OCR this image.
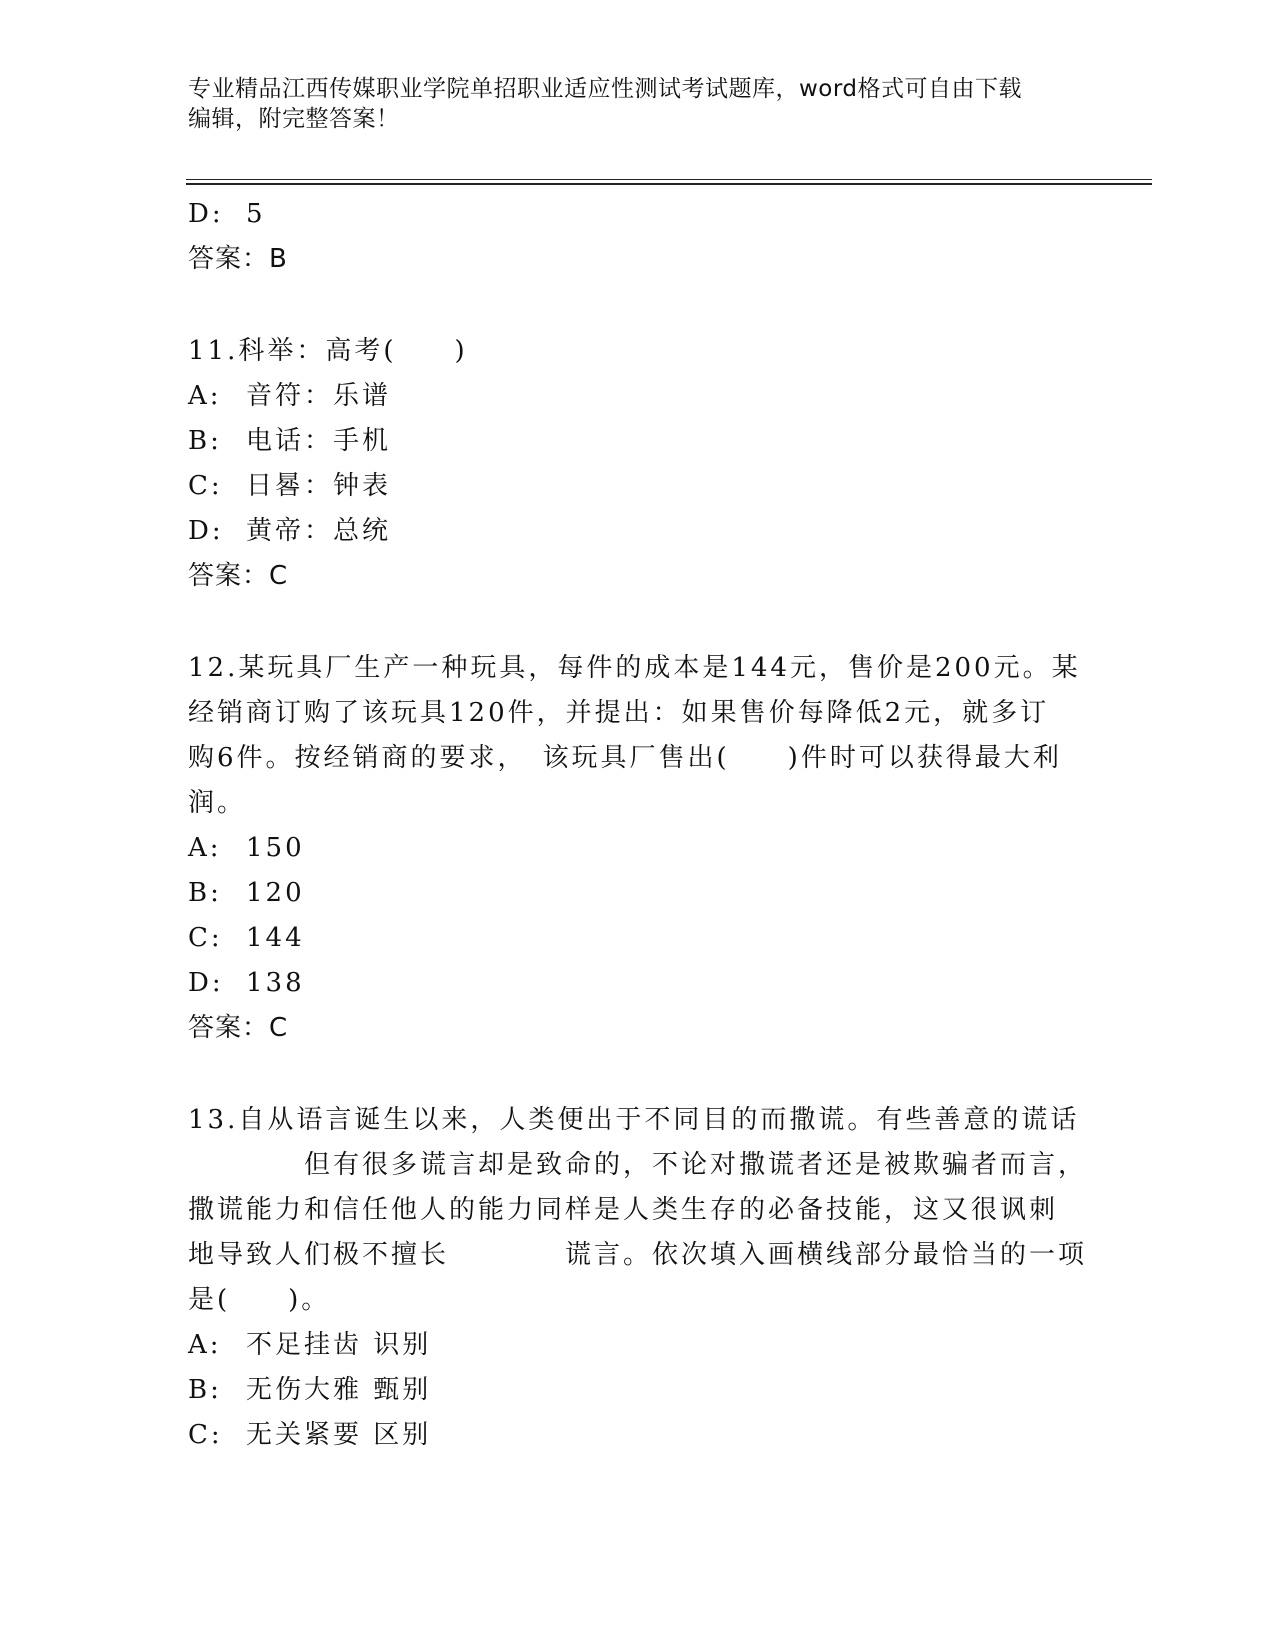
专业精品江西传媒职业学院单招职业适应性测试考试题库，word格式可自由下载
编辑，附完整答案！
D: 5
答案：B
11.科举：高考(　　)
A: 音符：乐谱
B: 电话：手机
C: 日晷：钟表
D: 黄帝：总统
答案：C
12.某玩具厂生产一种玩具，每件的成本是144元，售价是200元。某
经销商订购了该玩具120件，并提出：如果售价每降低2元，就多订
购6件。按经销商的要求，　该玩具厂售出(　　)件时可以获得最大利
润。
A: 150
B: 120
C: 144
D: 138
答案：C
13.自从语言诞生以来，人类便出于不同目的而撒谎。有些善意的谎话
　　　　但有很多谎言却是致命的，不论对撒谎者还是被欺骗者而言，
撒谎能力和信任他人的能力同样是人类生存的必备技能，这又很讽刺
地导致人们极不擅长　　　　谎言。依次填入画横线部分最恰当的一项
是(　　)。
A: 不足挂齿 识别
B: 无伤大雅 甄别
C: 无关紧要 区别
